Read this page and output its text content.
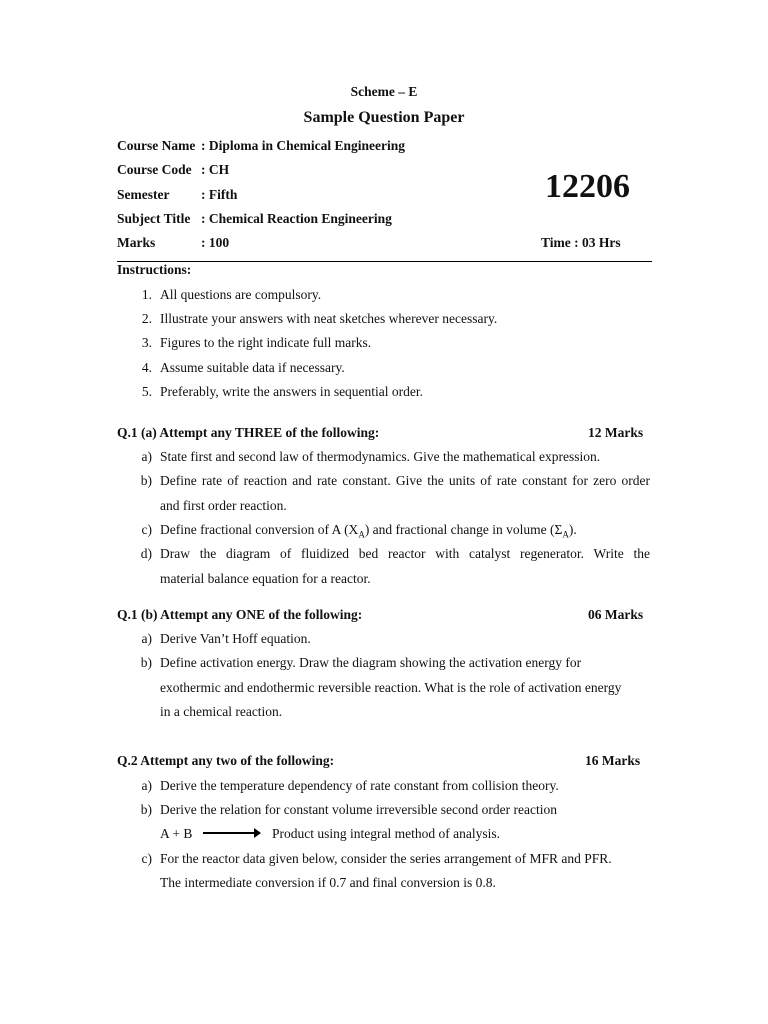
Scheme – E
Sample Question Paper
Course Name : Diploma in Chemical Engineering
Course Code : CH
Semester : Fifth
Subject Title : Chemical Reaction Engineering
Marks	: 100
12206
Time : 03 Hrs
Instructions:
1. All questions are compulsory.
2. Illustrate your answers with neat sketches wherever necessary.
3. Figures to the right indicate full marks.
4. Assume suitable data if necessary.
5. Preferably, write the answers in sequential order.
Q.1 (a) Attempt any THREE of the following:	12 Marks
a) State first and second law of thermodynamics. Give the mathematical expression.
b) Define rate of reaction and rate constant. Give the units of rate constant for zero order
and first order reaction.
c) Define fractional conversion of A $(X_A)$ and fractional change in volume $(\Sigma_A)$.
d) Draw the diagram of fluidized bed reactor with catalyst regenerator. Write the
material balance equation for a reactor.
Q.1 (b) Attempt any ONE of the following:	06 Marks
a) Derive Van’t Hoff equation.
b) Define activation energy. Draw the diagram showing the activation energy for
exothermic and endothermic reversible reaction. What is the role of activation energy
in a chemical reaction.
Q.2 Attempt any two of the following:	16 Marks
a) Derive the temperature dependency of rate constant from collision theory.
b) Derive the relation for constant volume irreversible second order reaction
A + B	Product using integral method of analysis.
c) For the reactor data given below, consider the series arrangement of MFR and PFR.
The intermediate conversion if 0.7 and final conversion is 0.8.
